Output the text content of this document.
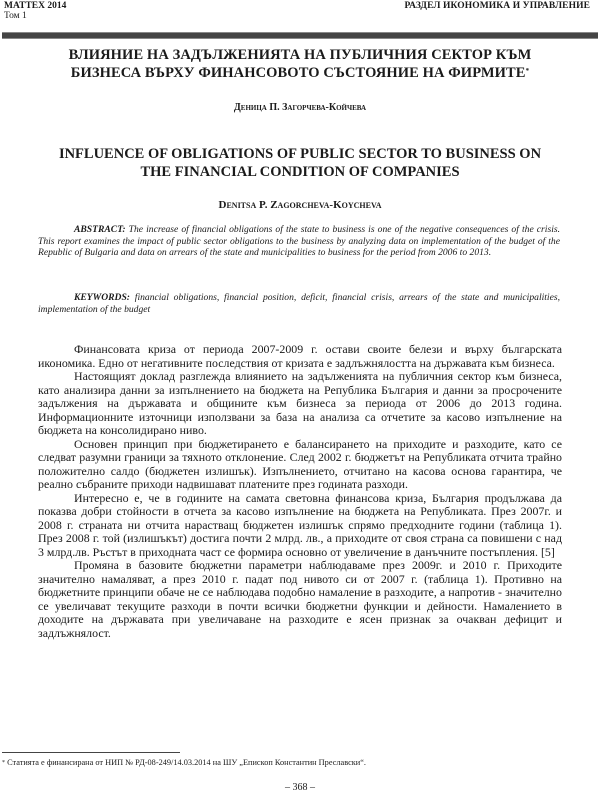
MATTEX 2014
Том 1
РАЗДЕЛ ИКОНОМИКА И УПРАВЛЕНИЕ
ВЛИЯНИЕ НА ЗАДЪЛЖЕНИЯТА НА ПУБЛИЧНИЯ СЕКТОР КЪМ
БИЗНЕСА ВЪРХУ ФИНАНСОВОТО СЪСТОЯНИЕ НА ФИРМИТЕ*
Деница П. Загорчева-Койчева
INFLUENCE OF OBLIGATIONS OF PUBLIC SECTOR TO BUSINESS ON
THE FINANCIAL CONDITION OF COMPANIES
Denitsa P. Zagorcheva-Koycheva
ABSTRACT: The increase of financial obligations of the state to business is one of the negative consequences of the crisis. This report examines the impact of public sector obligations to the business by analyzing data on implementation of the budget of the Republic of Bulgaria and data on arrears of the state and municipalities to business for the period from 2006 to 2013.
KEYWORDS: financial obligations, financial position, deficit, financial crisis, arrears of the state and municipalities, implementation of the budget

Финансовата криза от периода 2007-2009 г. остави своите белези и върху българската икономика. Едно от негативните последствия от кризата е задлъжнялостта на държавата към бизнеса.

Настоящият доклад разглежда влиянието на задълженията на публичния сектор към бизнеса, като анализира данни за изпълнението на бюджета на Република България и данни за просрочените задължения на държавата и общините към бизнеса за периода от 2006 до 2013 година. Информационните източници използвани за база на анализа са отчетите за касово изпълнение на бюджета на консолидирано ниво.

Основен принцип при бюджетирането е балансирането на приходите и разходите, като се следват разумни граници за тяхното отклонение. След 2002 г. бюджетът на Републиката отчита трайно положително салдо (бюджетен излишък). Изпълнението, отчитано на касова основа гарантира, че реално събраните приходи надвишават платените през годината разходи.

Интересно е, че в годините на самата световна финансова криза, България продължава да показва добри стойности в отчета за касово изпълнение на бюджета на Републиката. През 2007г. и 2008 г. страната ни отчита нарастващ бюджетен излишък спрямо предходните години (таблица 1). През 2008 г. той (излишъкът) достига почти 2 млрд. лв., а приходите от своя страна са повишени с над 3 млрд.лв. Ръстът в приходната част се формира основно от увеличение в данъчните постъпления. [5]

Промяна в базовите бюджетни параметри наблюдаваме през 2009г. и 2010 г. Приходите значително намаляват, а през 2010 г. падат под нивото си от 2007 г. (таблица 1). Противно на бюджетните принципи обаче не се наблюдава подобно намаление в разходите, а напротив - значително се увеличават текущите разходи в почти всички бюджетни функции и дейности. Намалението в доходите на държавата при увеличаване на разходите е ясен признак за очакван дефицит и задлъжнялост.

* Статията е финансирана от НИП № РД-08-249/14.03.2014 на ШУ „Епископ Константин Преславски“.
– 368 –
